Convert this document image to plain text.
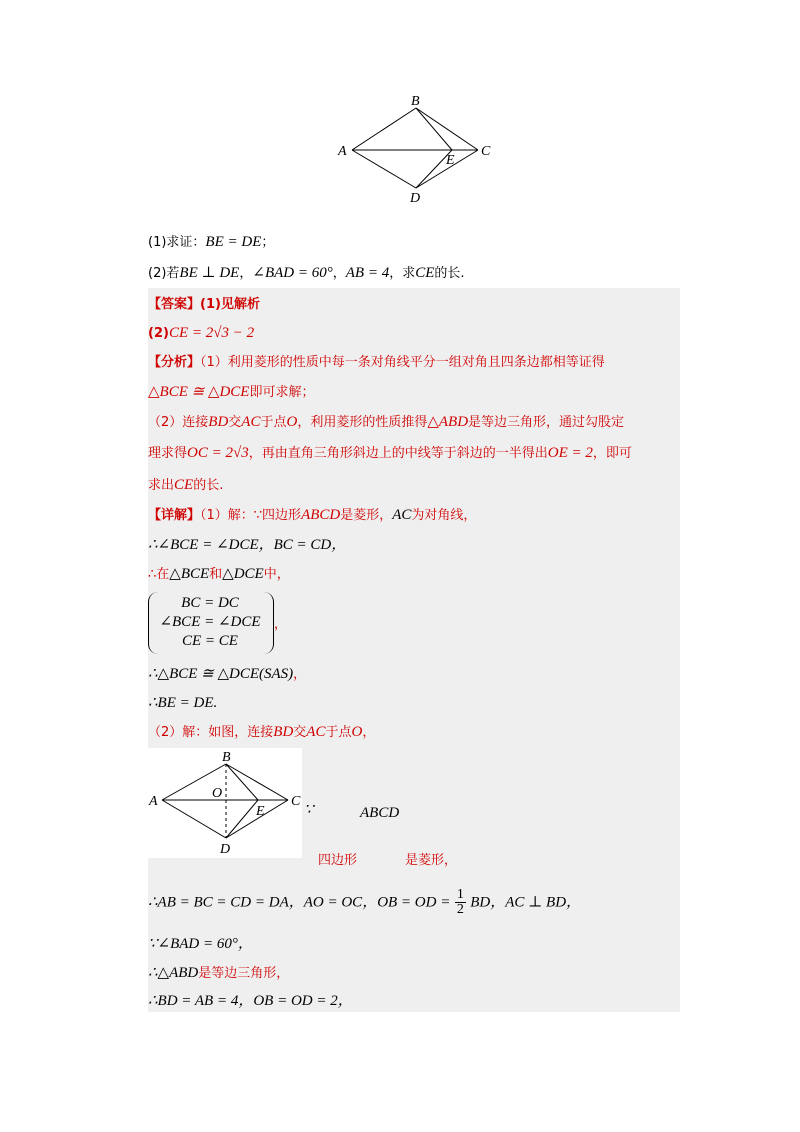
B
A
E
C
D
(1)求证：BE = DE；
(2)若BE ⊥ DE，∠BAD = 60°，AB = 4，求CE的长.
【答案】(1)见解析
(2)CE = 2√3 − 2
【分析】（1）利用菱形的性质中每一条对角线平分一组对角且四条边都相等证得
△BCE ≅ △DCE即可求解；
（2）连接BD交AC于点O，利用菱形的性质推得△ABD是等边三角形，通过勾股定
理求得OC = 2√3，再由直角三角形斜边上的中线等于斜边的一半得出OE = 2，即可
求出CE的长.
【详解】（1）解：∵四边形ABCD是菱形，AC为对角线，
∴∠BCE = ∠DCE，BC = CD，
∴在△BCE和△DCE中，
BC = DC
∠BCE = ∠DCE
CE = CE
，
∴△BCE ≅ △DCE(SAS)，
∴BE = DE.
（2）解：如图，连接BD交AC于点O，
B
O
A
E
C
D
∵	ABCD
四边形	是菱形，
∴AB = BC = CD = DA，AO = OC，OB = OD = $\frac{1}{2}$ BD，AC ⊥ BD，
∵∠BAD = 60°，
∴△ABD是等边三角形，
∴BD = AB = 4，OB = OD = 2，
